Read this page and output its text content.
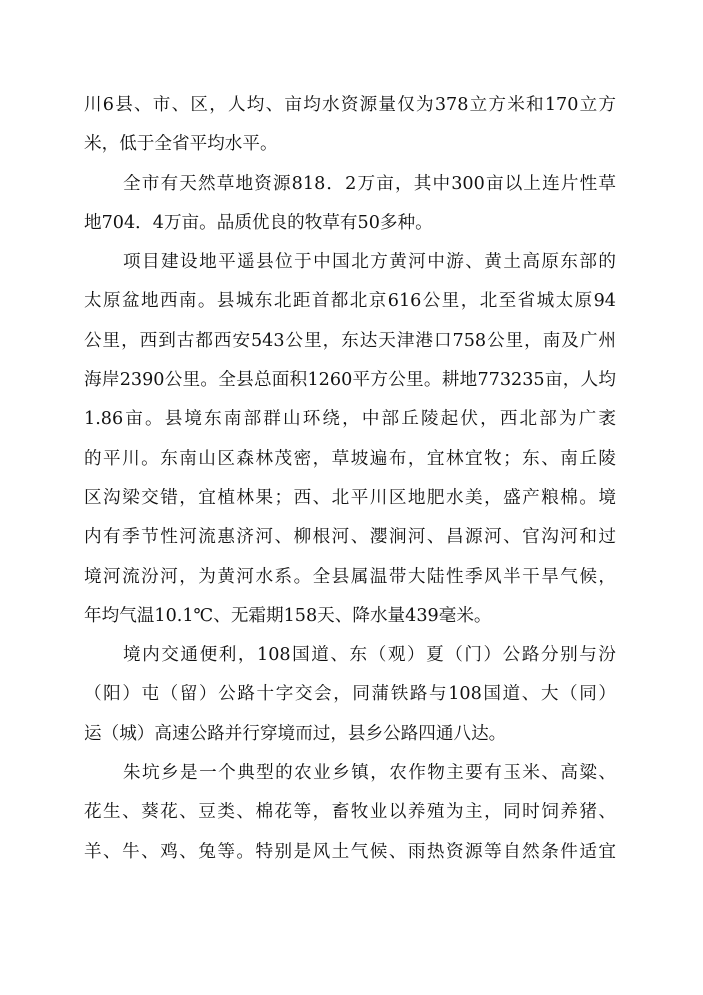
川6县、市、区，人均、亩均水资源量仅为378立方米和170立方
米，低于全省平均水平。
全市有天然草地资源818．2万亩，其中300亩以上连片性草
地704．4万亩。品质优良的牧草有50多种。
项目建设地平遥县位于中国北方黄河中游、黄土高原东部的
太原盆地西南。县城东北距首都北京616公里，北至省城太原94
公里，西到古都西安543公里，东达天津港口758公里，南及广州
海岸2390公里。全县总面积1260平方公里。耕地773235亩，人均
1.86亩。县境东南部群山环绕，中部丘陵起伏，西北部为广袤
的平川。东南山区森林茂密，草坡遍布，宜林宜牧；东、南丘陵
区沟梁交错，宜植林果；西、北平川区地肥水美，盛产粮棉。境
内有季节性河流惠济河、柳根河、瀴涧河、昌源河、官沟河和过
境河流汾河，为黄河水系。全县属温带大陆性季风半干旱气候，
年均气温10.1℃、无霜期158天、降水量439毫米。
境内交通便利，108国道、东（观）夏（门）公路分别与汾
（阳）屯（留）公路十字交会，同蒲铁路与108国道、大（同）
运（城）高速公路并行穿境而过，县乡公路四通八达。
朱坑乡是一个典型的农业乡镇，农作物主要有玉米、高粱、
花生、葵花、豆类、棉花等，畜牧业以养殖为主，同时饲养猪、
羊、牛、鸡、兔等。特别是风土气候、雨热资源等自然条件适宜
